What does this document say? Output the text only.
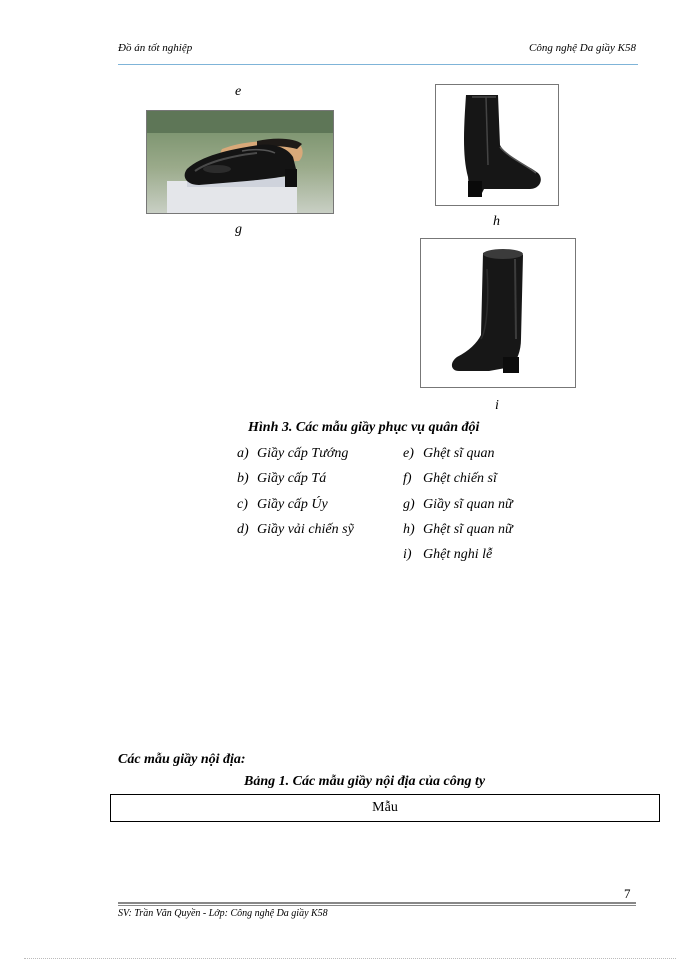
Đồ án tốt nghiệp	Công nghệ Da giầy K58
e
g
h
i
Hình 3. Các mẫu giầy phục vụ quân đội
a) Giầy cấp Tướng
b) Giầy cấp Tá
c) Giầy cấp Úy
d) Giầy vải chiến sỹ
e) Ghệt sĩ quan
f) Ghệt chiến sĩ
g) Giầy sĩ quan nữ
h) Ghệt sĩ quan nữ
i) Ghệt nghi lễ
Các mẫu giầy nội địa:
Bảng 1. Các mẫu giầy nội địa của công ty
Mẫu
7
SV: Trần Văn Quyền - Lớp: Công nghệ Da giầy K58
